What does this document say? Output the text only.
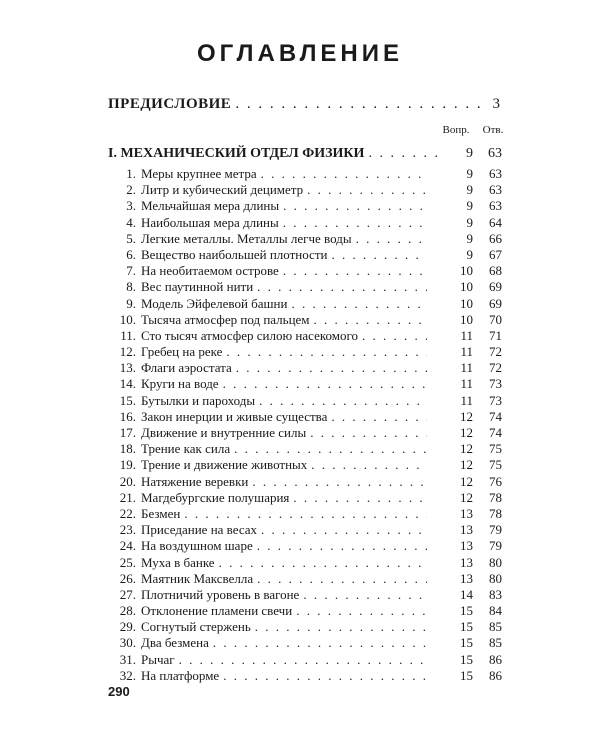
ОГЛАВЛЕНИЕ
ПРЕДИСЛОВИЕ . . .	3
Вопр.	Отв.
I. МЕХАНИЧЕСКИЙ ОТДЕЛ ФИЗИКИ . . .	9	63
1. Меры крупнее метра . . .	9	63
2. Литр и кубический дециметр . . .	9	63
3. Мельчайшая мера длины . . .	9	63
4. Наибольшая мера длины . . .	9	64
5. Легкие металлы. Металлы легче воды . . .	9	66
6. Вещество наибольшей плотности . . .	9	67
7. На необитаемом острове . . .	10	68
8. Вес паутинной нити . . .	10	69
9. Модель Эйфелевой башни . . .	10	69
10. Тысяча атмосфер под пальцем . . .	10	70
11. Сто тысяч атмосфер силою насекомого . . .	11	71
12. Гребец на реке . . .	11	72
13. Флаги аэростата . . .	11	72
14. Круги на воде . . .	11	73
15. Бутылки и пароходы . . .	11	73
16. Закон инерции и живые существа . . .	12	74
17. Движение и внутренние силы . . .	12	74
18. Трение как сила . . .	12	75
19. Трение и движение животных . . .	12	75
20. Натяжение веревки . . .	12	76
21. Магдебургские полушария . . .	12	78
22. Безмен . . .	13	78
23. Приседание на весах . . .	13	79
24. На воздушном шаре . . .	13	79
25. Муха в банке . . .	13	80
26. Маятник Максвелла . . .	13	80
27. Плотничий уровень в вагоне . . .	14	83
28. Отклонение пламени свечи . . .	15	84
29. Согнутый стержень . . .	15	85
30. Два безмена . . .	15	85
31. Рычаг . . .	15	86
32. На платформе . . .	15	86
290
